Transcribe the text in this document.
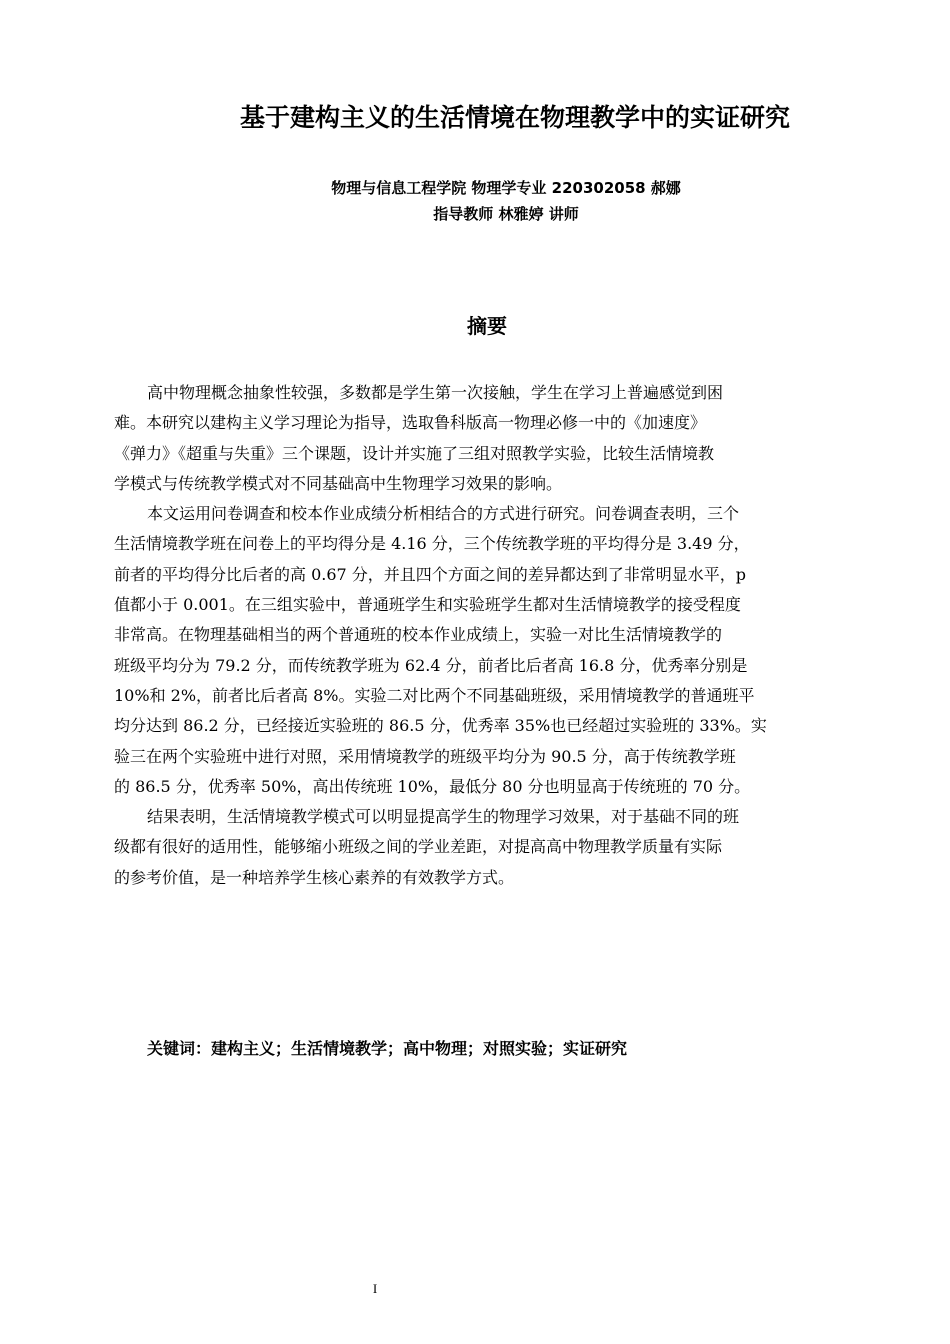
基于建构主义的生活情境在物理教学中的实证研究
物理与信息工程学院 物理学专业 220302058 郝娜
指导教师 林雅婷 讲师
摘要
高中物理概念抽象性较强，多数都是学生第一次接触，学生在学习上普遍感觉到困
难。本研究以建构主义学习理论为指导，选取鲁科版高一物理必修一中的《加速度》
《弹力》《超重与失重》三个课题，设计并实施了三组对照教学实验，比较生活情境教
学模式与传统教学模式对不同基础高中生物理学习效果的影响。
本文运用问卷调查和校本作业成绩分析相结合的方式进行研究。问卷调查表明，三个
生活情境教学班在问卷上的平均得分是 4.16 分，三个传统教学班的平均得分是 3.49 分，
前者的平均得分比后者的高 0.67 分，并且四个方面之间的差异都达到了非常明显水平，p
值都小于 0.001。在三组实验中，普通班学生和实验班学生都对生活情境教学的接受程度
非常高。在物理基础相当的两个普通班的校本作业成绩上，实验一对比生活情境教学的
班级平均分为 79.2 分，而传统教学班为 62.4 分，前者比后者高 16.8 分，优秀率分别是
10%和 2%，前者比后者高 8%。实验二对比两个不同基础班级，采用情境教学的普通班平
均分达到 86.2 分，已经接近实验班的 86.5 分，优秀率 35%也已经超过实验班的 33%。实
验三在两个实验班中进行对照，采用情境教学的班级平均分为 90.5 分，高于传统教学班
的 86.5 分，优秀率 50%，高出传统班 10%，最低分 80 分也明显高于传统班的 70 分。
结果表明，生活情境教学模式可以明显提高学生的物理学习效果，对于基础不同的班
级都有很好的适用性，能够缩小班级之间的学业差距，对提高高中物理教学质量有实际
的参考价值，是一种培养学生核心素养的有效教学方式。
关键词：建构主义；生活情境教学；高中物理；对照实验；实证研究
I
